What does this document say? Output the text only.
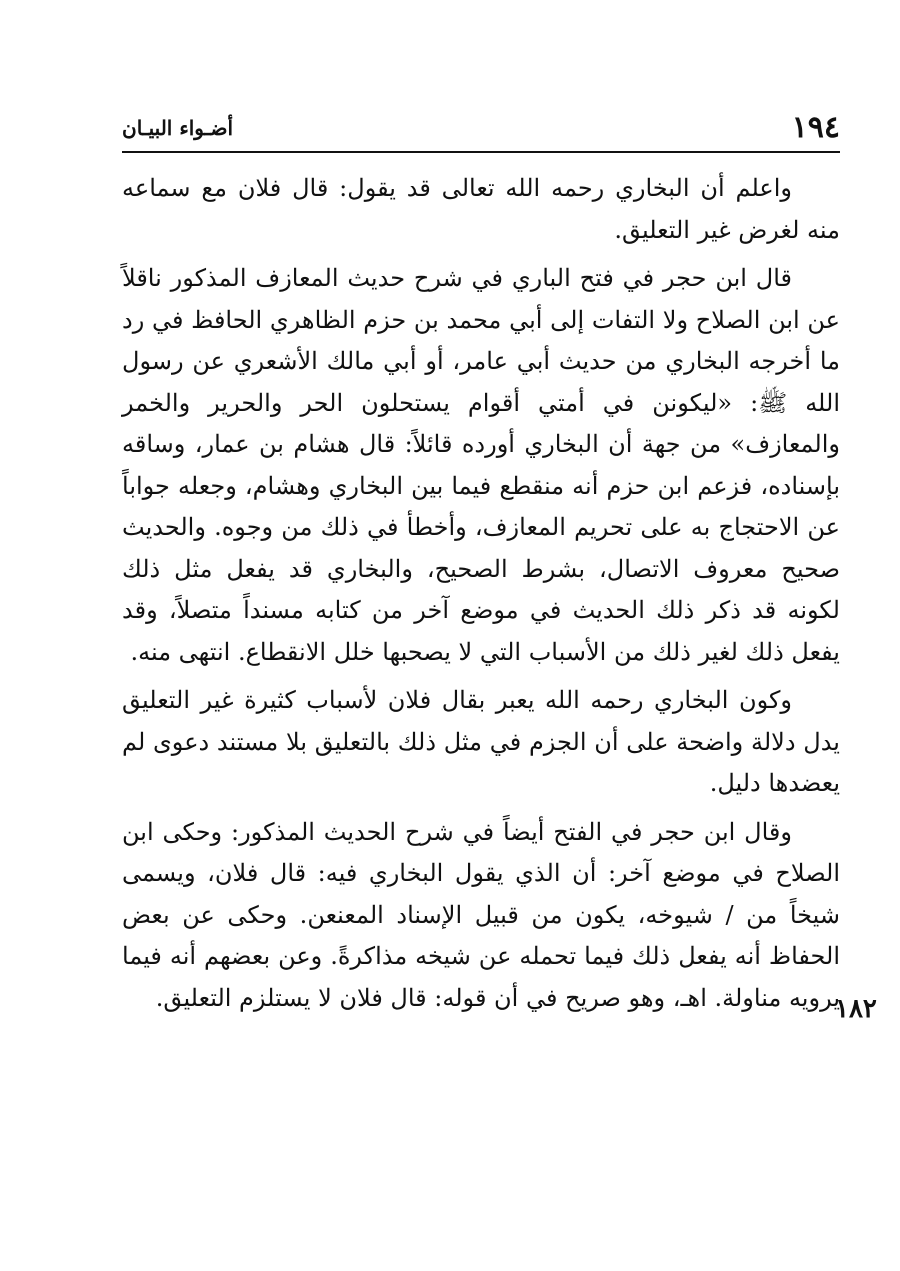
١٩٤
أضـواء البيـان

واعلم أن البخاري رحمه الله تعالى قد يقول: قال فلان مع سماعه منه لغرض غير التعليق.

قال ابن حجر في فتح الباري في شرح حديث المعازف المذكور ناقلاً عن ابن الصلاح ولا التفات إلى أبي محمد بن حزم الظاهري الحافظ في رد ما أخرجه البخاري من حديث أبي عامر، أو أبي مالك الأشعري عن رسول الله ﷺ: «ليكونن في أمتي أقوام يستحلون الحر والحرير والخمر والمعازف» من جهة أن البخاري أورده قائلاً: قال هشام بن عمار، وساقه بإسناده، فزعم ابن حزم أنه منقطع فيما بين البخاري وهشام، وجعله جواباً عن الاحتجاج به على تحريم المعازف، وأخطأ في ذلك من وجوه. والحديث صحيح معروف الاتصال، بشرط الصحيح، والبخاري قد يفعل مثل ذلك لكونه قد ذكر ذلك الحديث في موضع آخر من كتابه مسنداً متصلاً، وقد يفعل ذلك لغير ذلك من الأسباب التي لا يصحبها خلل الانقطاع. انتهى منه.

وكون البخاري رحمه الله يعبر بقال فلان لأسباب كثيرة غير التعليق يدل دلالة واضحة على أن الجزم في مثل ذلك بالتعليق بلا مستند دعوى لم يعضدها دليل.

وقال ابن حجر في الفتح أيضاً في شرح الحديث المذكور: وحكى ابن الصلاح في موضع آخر: أن الذي يقول البخاري فيه: قال فلان، ويسمى شيخاً من / شيوخه، يكون من قبيل الإسناد المعنعن. وحكى عن بعض الحفاظ أنه يفعل ذلك فيما تحمله عن شيخه مذاكرةً. وعن بعضهم أنه فيما يرويه مناولة. اهـ، وهو صريح في أن قوله: قال فلان لا يستلزم التعليق.

١٨٢
